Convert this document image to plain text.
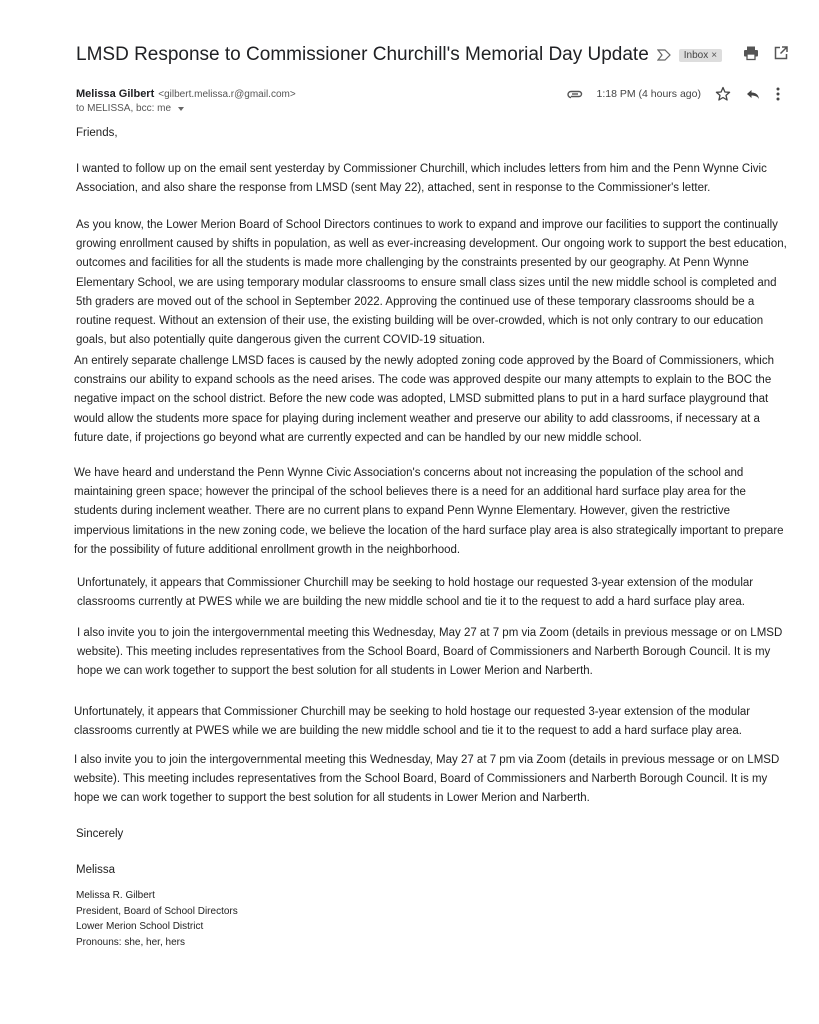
LMSD Response to Commissioner Churchill's Memorial Day Update	Inbox ×
Melissa Gilbert <gilbert.melissa.r@gmail.com>	1:18 PM (4 hours ago)
to MELISSA, bcc: me

Friends,

I wanted to follow up on the email sent yesterday by Commissioner Churchill, which includes letters from him and the Penn Wynne Civic Association, and also share the response from LMSD (sent May 22), attached, sent in response to the Commissioner's letter.

As you know, the Lower Merion Board of School Directors continues to work to expand and improve our facilities to support the continually growing enrollment caused by shifts in population, as well as ever-increasing development. Our ongoing work to support the best education, outcomes and facilities for all the students is made more challenging by the constraints presented by our geography. At Penn Wynne Elementary School, we are using temporary modular classrooms to ensure small class sizes until the new middle school is completed and 5th graders are moved out of the school in September 2022. Approving the continued use of these temporary classrooms should be a routine request. Without an extension of their use, the existing building will be over-crowded, which is not only contrary to our education goals, but also potentially quite dangerous given the current COVID-19 situation.

An entirely separate challenge LMSD faces is caused by the newly adopted zoning code approved by the Board of Commissioners, which constrains our ability to expand schools as the need arises. The code was approved despite our many attempts to explain to the BOC the negative impact on the school district. Before the new code was adopted, LMSD submitted plans to put in a hard surface playground that would allow the students more space for playing during inclement weather and preserve our ability to add classrooms, if necessary at a future date, if projections go beyond what are currently expected and can be handled by our new middle school.

We have heard and understand the Penn Wynne Civic Association's concerns about not increasing the population of the school and maintaining green space; however the principal of the school believes there is a need for an additional hard surface play area for the students during inclement weather. There are no current plans to expand Penn Wynne Elementary. However, given the restrictive impervious limitations in the new zoning code, we believe the location of the hard surface play area is also strategically important to prepare for the possibility of future additional enrollment growth in the neighborhood.

Unfortunately, it appears that Commissioner Churchill may be seeking to hold hostage our requested 3-year extension of the modular classrooms currently at PWES while we are building the new middle school and tie it to the request to add a hard surface play area.

I also invite you to join the intergovernmental meeting this Wednesday, May 27 at 7 pm via Zoom (details in previous message or on LMSD website). This meeting includes representatives from the School Board, Board of Commissioners and Narberth Borough Council. It is my hope we can work together to support the best solution for all students in Lower Merion and Narberth.

Unfortunately, it appears that Commissioner Churchill may be seeking to hold hostage our requested 3-year extension of the modular classrooms currently at PWES while we are building the new middle school and tie it to the request to add a hard surface play area.

I also invite you to join the intergovernmental meeting this Wednesday, May 27 at 7 pm via Zoom (details in previous message or on LMSD website). This meeting includes representatives from the School Board, Board of Commissioners and Narberth Borough Council. It is my hope we can work together to support the best solution for all students in Lower Merion and Narberth.

Sincerely

Melissa

Melissa R. Gilbert
President, Board of School Directors
Lower Merion School District
Pronouns: she, her, hers
